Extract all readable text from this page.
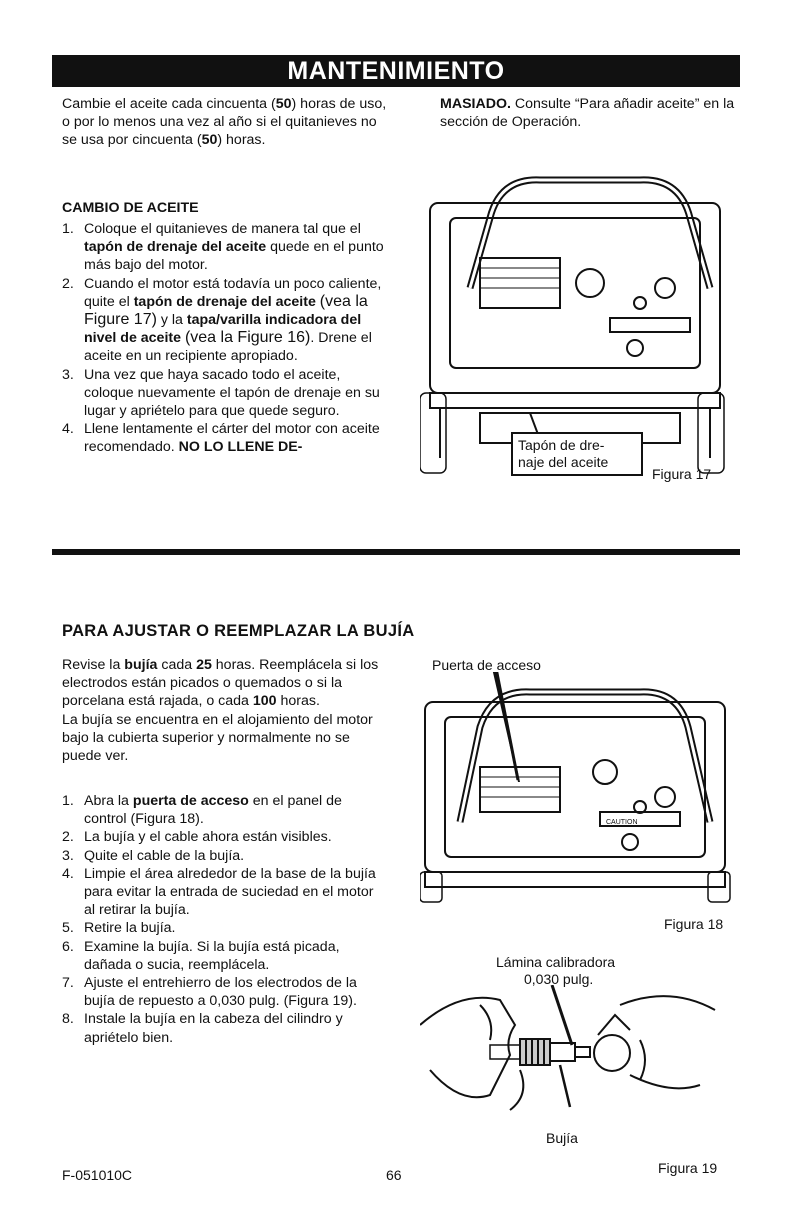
MANTENIMIENTO
Cambie el aceite cada cincuenta (50) horas de uso, o por lo menos una vez al año si el quitanieves no se usa por cincuenta (50) horas.
CAMBIO DE ACEITE
1. Coloque el quitanieves de manera tal que el tapón de drenaje del aceite quede en el punto más bajo del motor.
2. Cuando el motor está todavía un poco caliente, quite el tapón de drenaje del aceite (vea la Figure 17) y la tapa/varilla indicadora del nivel de aceite (vea la Figure 16). Drene el aceite en un recipiente apropiado.
3. Una vez que haya sacado todo el aceite, coloque nuevamente el tapón de drenaje en su lugar y apriételo para que quede seguro.
4. Llene lentamente el cárter del motor con aceite recomendado. NO LO LLENE DE-
MASIADO. Consulte “Para añadir aceite” en la sección de Operación.
Tapón de dre-
naje del aceite
Figura 17
PARA AJUSTAR O REEMPLAZAR LA BUJÍA
Revise la bujía cada 25 horas. Reemplácela si los electrodos están picados o quemados o si la porcelana está rajada, o cada 100 horas.
La bujía se encuentra en el alojamiento del motor bajo la cubierta superior y normalmente no se puede ver.
1. Abra la puerta de acceso en el panel de control (Figura 18).
2. La bujía y el cable ahora están visibles.
3. Quite el cable de la bujía.
4. Limpie el área alrededor de la base de la bujía para evitar la entrada de suciedad en el motor al retirar la bujía.
5. Retire la bujía.
6. Examine la bujía. Si la bujía está picada, dañada o sucia, reemplácela.
7. Ajuste el entrehierro de los electrodos de la bujía de repuesto a 0,030 pulg. (Figura 19).
8. Instale la bujía en la cabeza del cilindro y apriételo bien.
Puerta de acceso
CAUTION
Figura 18
Lámina calibradora
0,030 pulg.
Bujía
Figura 19
F-051010C	66
